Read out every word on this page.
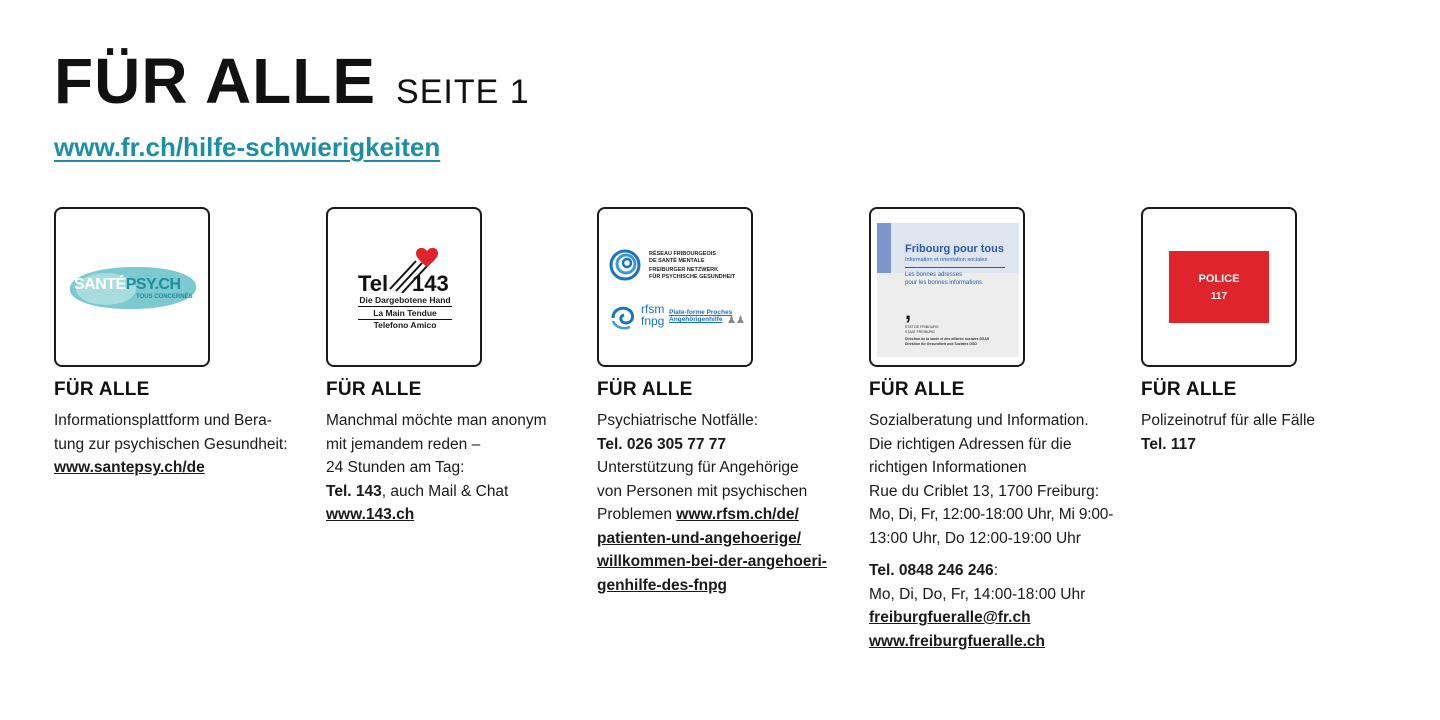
FÜR ALLE SEITE 1
www.fr.ch/hilfe-schwierigkeiten
SANTÉPSY.CH
TOUS CONCERNÉS
FÜR ALLE

Informationsplattform und Bera-

tung zur psychischen Gesundheit:

www.santepsy.ch/de

Tel 143
Die Dargebotene Hand
La Main Tendue
Telefono Amico
FÜR ALLE

Manchmal möchte man anonym

mit jemandem reden –

24 Stunden am Tag:

Tel. 143, auch Mail & Chat

www.143.ch

RÉSEAU FRIBOURGEOIS
DE SANTÉ MENTALE
FREIBURGER NETZWERK
FÜR PSYCHISCHE GESUNDHEIT
rfsm
fnpg
Plate-forme Proches
Angehörigenhilfe ♟♟
FÜR ALLE

Psychiatrische Notfälle:

Tel. 026 305 77 77

Unterstützung für Angehörige

von Personen mit psychischen

Problemen www.rfsm.ch/de/

patienten-und-angehoerige/

willkommen-bei-der-angehoeri-

genhilfe-des-fnpg

Fribourg pour tous
Information et orientation sociales
Les bonnes adresses
pour les bonnes informations
,
ETAT DE FRIBOURG
STAAT FREIBURG
Direction de la santé et des affaires sociales DSAS
Direktion für Gesundheit und Soziales GSD
FÜR ALLE

Sozialberatung und Information.

Die richtigen Adressen für die

richtigen Informationen

Rue du Criblet 13, 1700 Freiburg:

Mo, Di, Fr, 12:00-18:00 Uhr, Mi 9:00-

13:00 Uhr, Do 12:00-19:00 Uhr

Tel. 0848 246 246:

Mo, Di, Do, Fr, 14:00-18:00 Uhr

freiburgfueralle@fr.ch

www.freiburgfueralle.ch

POLICE
117
FÜR ALLE

Polizeinotruf für alle Fälle

Tel. 117
